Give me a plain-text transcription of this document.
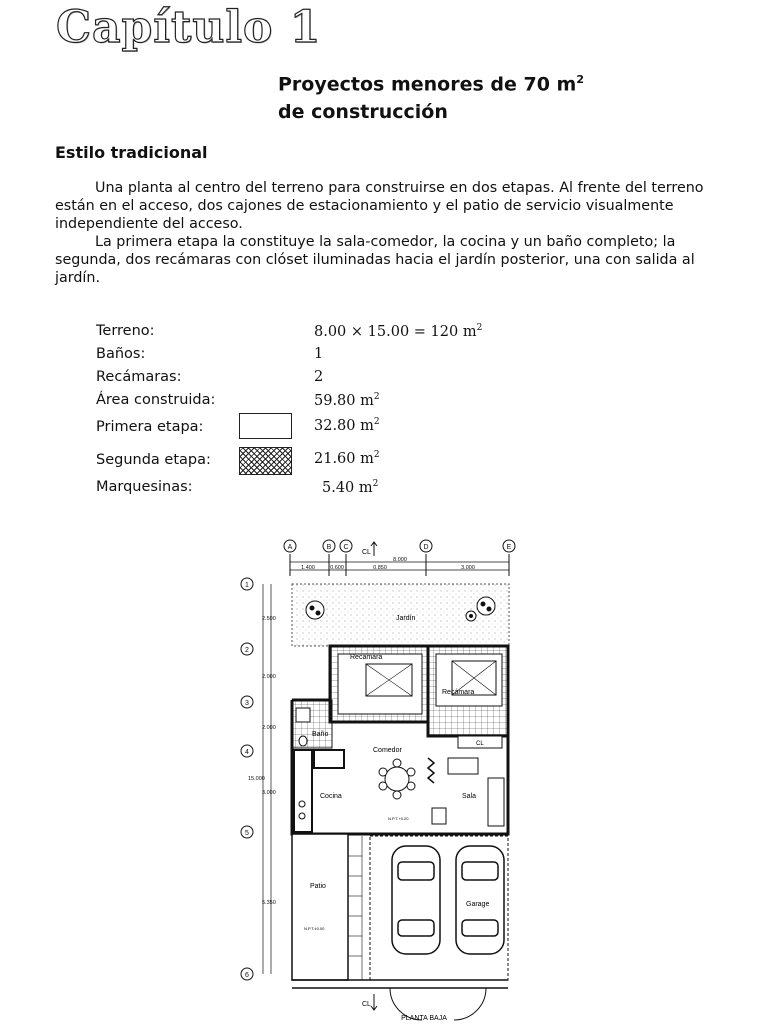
Capítulo 1
Proyectos menores de 70 $m^2$
de construcción
Estilo tradicional

Una planta al centro del terreno para construirse en dos etapas. Al frente del terreno están en el acceso, dos cajones de estacionamiento y el patio de servicio visualmente independiente del acceso.

La primera etapa la constituye la sala-comedor, la cocina y un baño completo; la segunda, dos recámaras con clóset iluminadas hacia el jardín posterior, una con salida al jardín.

Terreno:	8.00 × 15.00 = 120 $m^2$
Baños:	1
Recámaras:	2
Área construida:	59.80 $m^2$
Primera etapa:	32.80 $m^2$
Segunda etapa:	21.60 $m^2$
Marquesinas:	5.40 $m^2$
A	B C	D	E
CL
8.000
1.400	0.600	0.850	3.000
1
2
3
4
5
6
2.500
2.000
2.000
3.000
15.000
5.350
Jardín
Recámara
Recámara
CL
Baño
Comedor
Cocina	Sala
N.P.T.+0.20
Patio
N.P.T.±0.00
Garage
CL
PLANTA BAJA
